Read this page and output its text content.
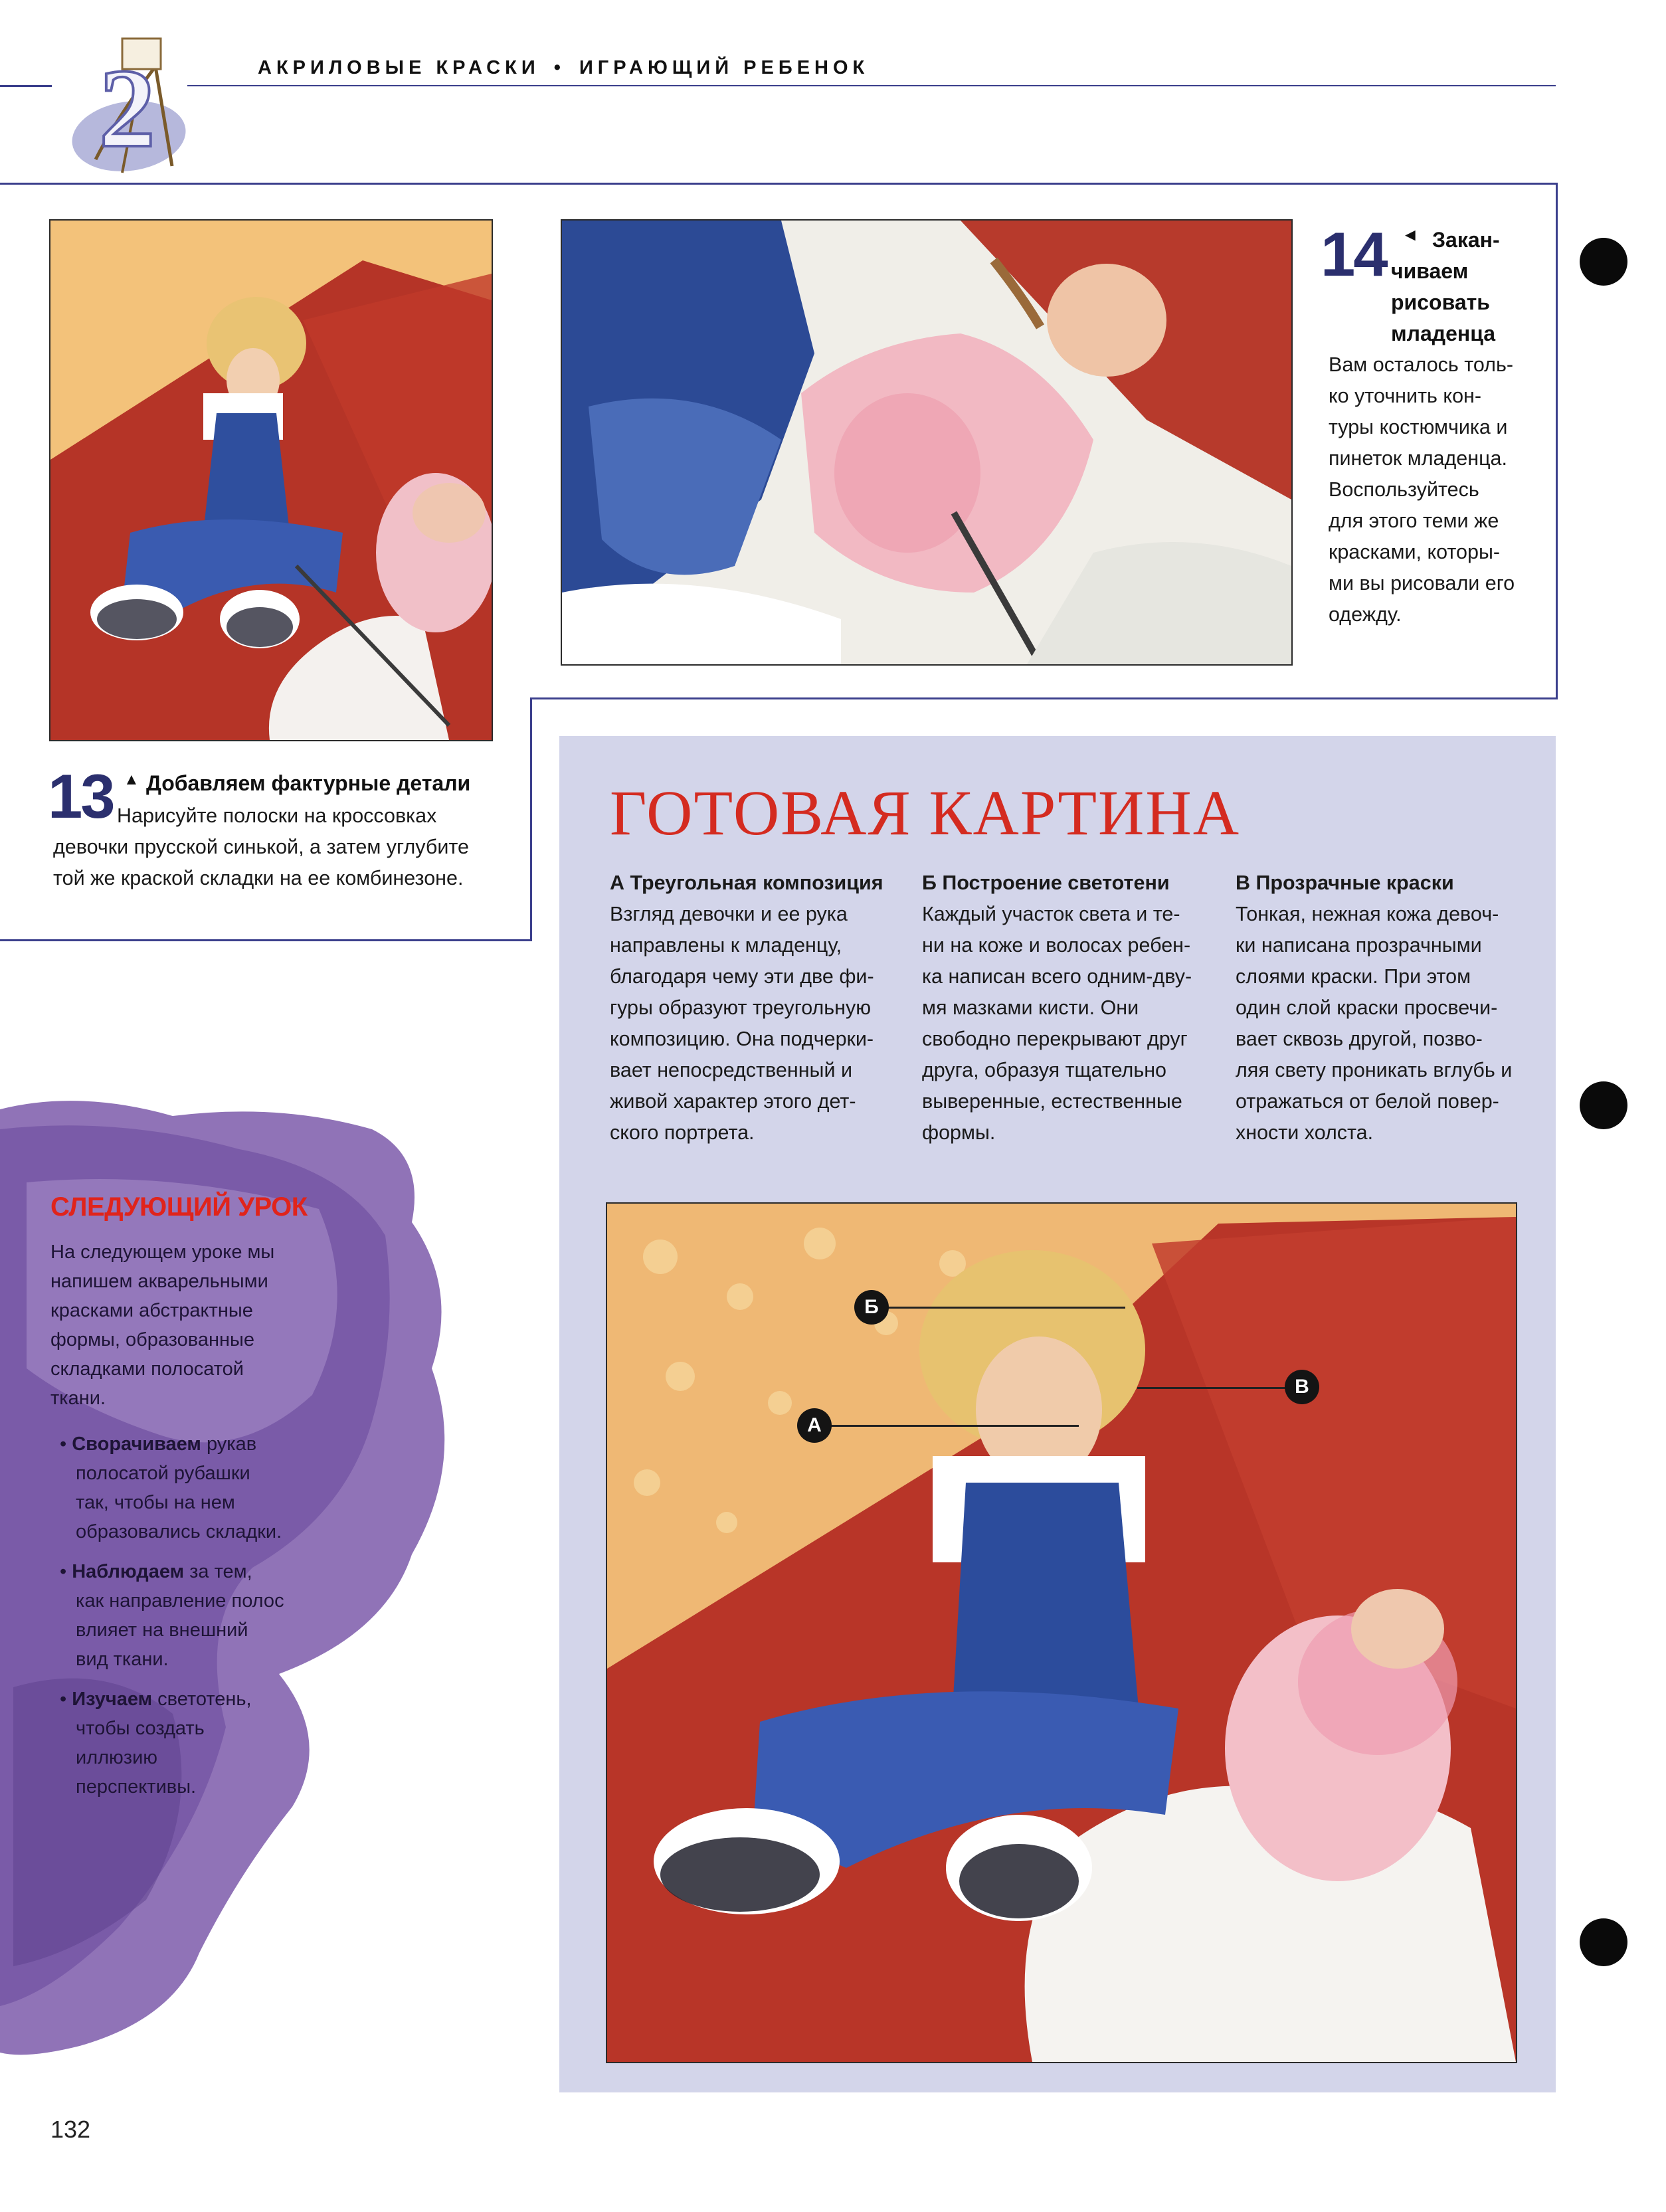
2	АКРИЛОВЫЕ КРАСКИ • ИГРАЮЩИЙ РЕБЕНОК
14 ◄ Закан-
чиваем
рисовать
младенца
Вам осталось толь-
ко уточнить кон-
туры костюмчика и
пинеток младенца.
Воспользуйтесь
для этого теми же
красками, которы-
ми вы рисовали его
одежду.
13 ▲ Добавляем фактурные детали
Нарисуйте полоски на кроссовках
девочки прусской синькой, а затем углубите
той же краской складки на ее комбинезоне.
СЛЕДУЮЩИЙ УРОК
На следующем уроке мы
напишем акварельными
красками абстрактные
формы, образованные
складками полосатой
ткани.
• Сворачиваем рукав
полосатой рубашки
так, чтобы на нем
образовались складки.
• Наблюдаем за тем,
как направление полос
влияет на внешний
вид ткани.
• Изучаем светотень,
чтобы создать
иллюзию
перспективы.
ГОТОВАЯ КАРТИНА
А Треугольная композиция
Взгляд девочки и ее рука
направлены к младенцу,
благодаря чему эти две фи-
гуры образуют треугольную
композицию. Она подчерки-
вает непосредственный и
живой характер этого дет-
ского портрета.
Б Построение светотени
Каждый участок света и те-
ни на коже и волосах ребен-
ка написан всего одним-дву-
мя мазками кисти. Они
свободно перекрывают друг
друга, образуя тщательно
выверенные, естественные
формы.
В Прозрачные краски
Тонкая, нежная кожа девоч-
ки написана прозрачными
слоями краски. При этом
один слой краски просвечи-
вает сквозь другой, позво-
ляя свету проникать вглубь и
отражаться от белой повер-
хности холста.
Б
В
А
132
